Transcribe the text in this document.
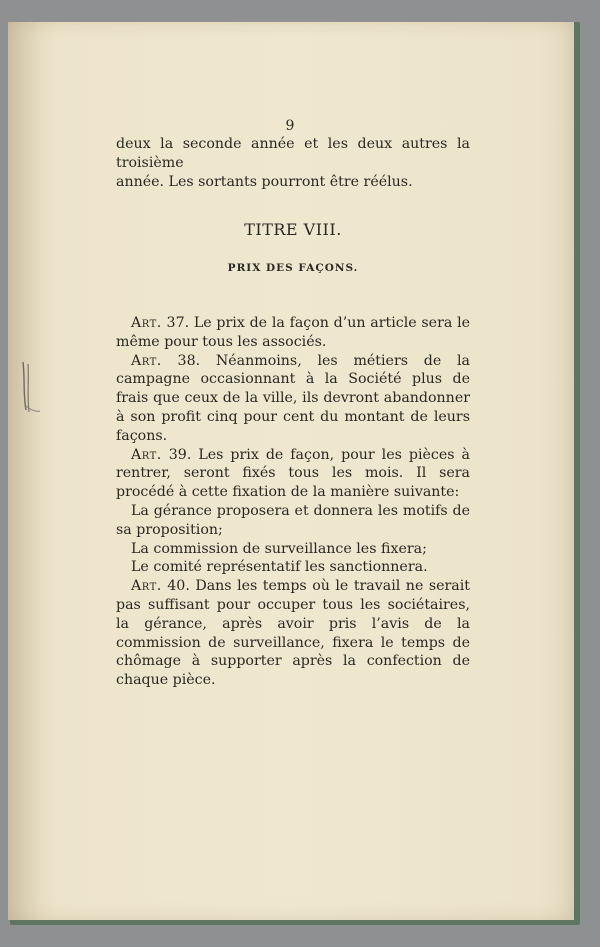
9

deux la seconde année et les deux autres la troisième

année. Les sortants pourront être réélus.

TITRE VIII.
PRIX DES FAÇONS.

Art. 37. Le prix de la façon d’un article sera le même pour tous les associés.

Art. 38. Néanmoins, les métiers de la campagne occasionnant à la Société plus de frais que ceux de la ville, ils devront abandonner à son profit cinq pour cent du montant de leurs façons.

Art. 39. Les prix de façon, pour les pièces à rentrer, seront fixés tous les mois. Il sera procédé à cette fixation de la manière suivante:

La gérance proposera et donnera les motifs de sa proposition;

La commission de surveillance les fixera;

Le comité représentatif les sanctionnera.

Art. 40. Dans les temps où le travail ne serait pas suffisant pour occuper tous les sociétaires, la gérance, après avoir pris l’avis de la commission de surveillance, fixera le temps de chômage à supporter après la confection de chaque pièce.
